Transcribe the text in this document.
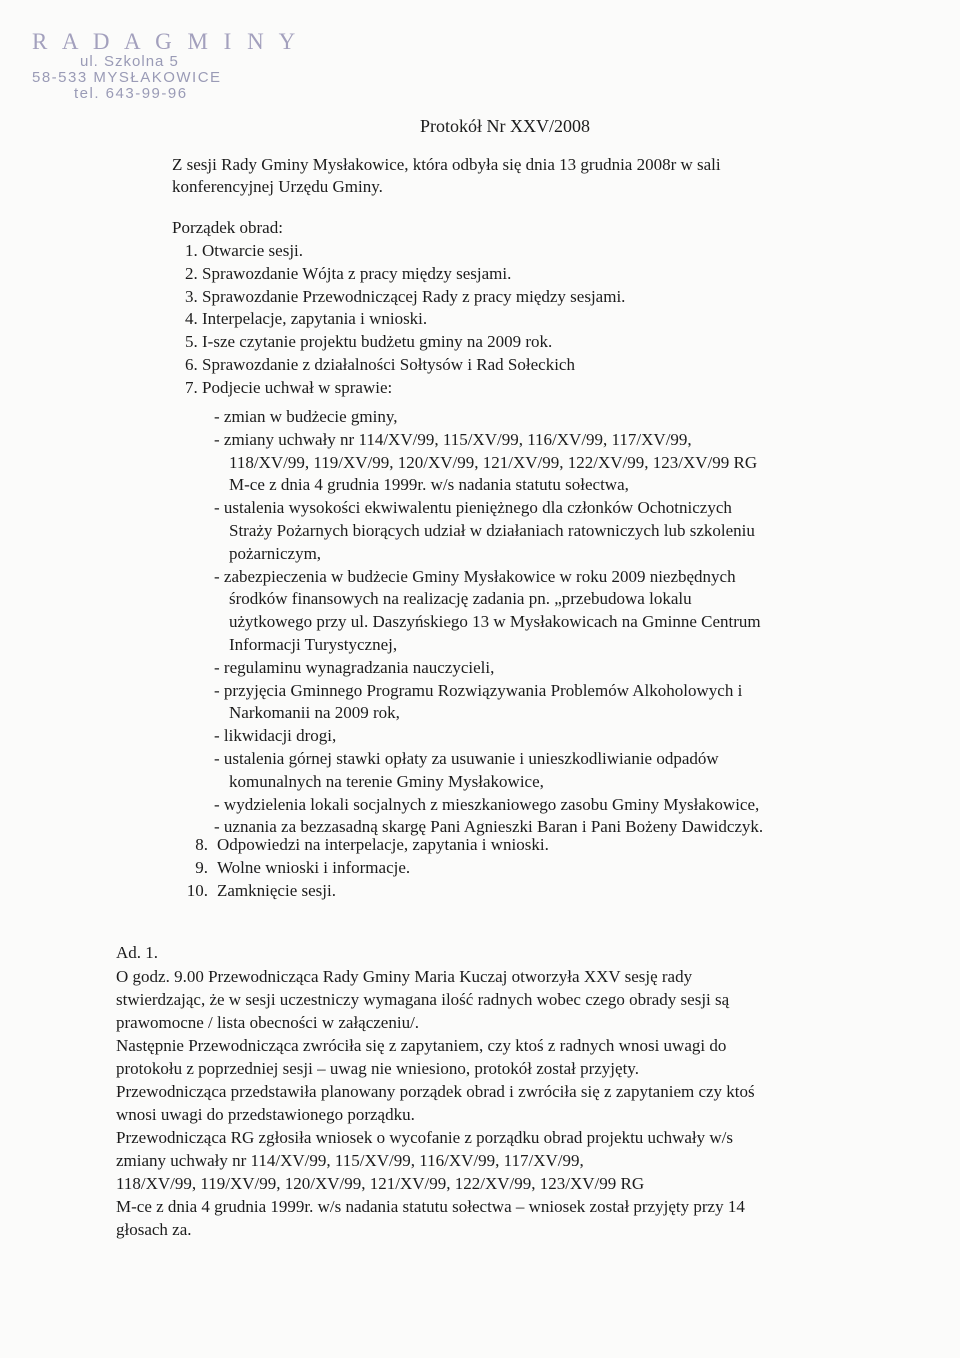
R A D A G M I N Y
ul. Szkolna 5
58-533 MYSŁAKOWICE
tel. 643-99-96
Protokół Nr XXV/2008
Z sesji Rady Gminy Mysłakowice, która odbyła się dnia 13 grudnia 2008r w sali
konferencyjnej Urzędu Gminy.
Porządek obrad:
1. Otwarcie sesji.
2. Sprawozdanie Wójta z pracy między sesjami.
3. Sprawozdanie Przewodniczącej Rady z pracy między sesjami.
4. Interpelacje, zapytania i wnioski.
5. I-sze czytanie projektu budżetu gminy na 2009 rok.
6. Sprawozdanie z działalności Sołtysów i Rad Sołeckich
7. Podjecie uchwał w sprawie:
- zmian w budżecie gminy,
- zmiany uchwały nr 114/XV/99, 115/XV/99, 116/XV/99, 117/XV/99,
118/XV/99, 119/XV/99, 120/XV/99, 121/XV/99, 122/XV/99, 123/XV/99 RG
M-ce z dnia 4 grudnia 1999r. w/s nadania statutu sołectwa,
- ustalenia wysokości ekwiwalentu pieniężnego dla członków Ochotniczych
Straży Pożarnych biorących udział w działaniach ratowniczych lub szkoleniu
pożarniczym,
- zabezpieczenia w budżecie Gminy Mysłakowice w roku 2009 niezbędnych
środków finansowych na realizację zadania pn. „przebudowa lokalu
użytkowego przy ul. Daszyńskiego 13 w Mysłakowicach na Gminne Centrum
Informacji Turystycznej,
- regulaminu wynagradzania nauczycieli,
- przyjęcia Gminnego Programu Rozwiązywania Problemów Alkoholowych i
Narkomanii na 2009 rok,
- likwidacji drogi,
- ustalenia górnej stawki opłaty za usuwanie i unieszkodliwianie odpadów
komunalnych na terenie Gminy Mysłakowice,
- wydzielenia lokali socjalnych z mieszkaniowego zasobu Gminy Mysłakowice,
- uznania za bezzasadną skargę Pani Agnieszki Baran i Pani Bożeny Dawidczyk.
8. Odpowiedzi na interpelacje, zapytania i wnioski.
9. Wolne wnioski i informacje.
10. Zamknięcie sesji.
Ad. 1.
O godz. 9.00 Przewodnicząca Rady Gminy Maria Kuczaj otworzyła XXV sesję rady
stwierdzając, że w sesji uczestniczy wymagana ilość radnych wobec czego obrady sesji są
prawomocne / lista obecności w załączeniu/.
Następnie Przewodnicząca zwróciła się z zapytaniem, czy ktoś z radnych wnosi uwagi do
protokołu z poprzedniej sesji – uwag nie wniesiono, protokół został przyjęty.
Przewodnicząca przedstawiła planowany porządek obrad i zwróciła się z zapytaniem czy ktoś
wnosi uwagi do przedstawionego porządku.
Przewodnicząca RG zgłosiła wniosek o wycofanie z porządku obrad projektu uchwały w/s
zmiany uchwały nr 114/XV/99, 115/XV/99, 116/XV/99, 117/XV/99,
118/XV/99, 119/XV/99, 120/XV/99, 121/XV/99, 122/XV/99, 123/XV/99 RG
M-ce z dnia 4 grudnia 1999r. w/s nadania statutu sołectwa – wniosek został przyjęty przy 14
głosach za.
